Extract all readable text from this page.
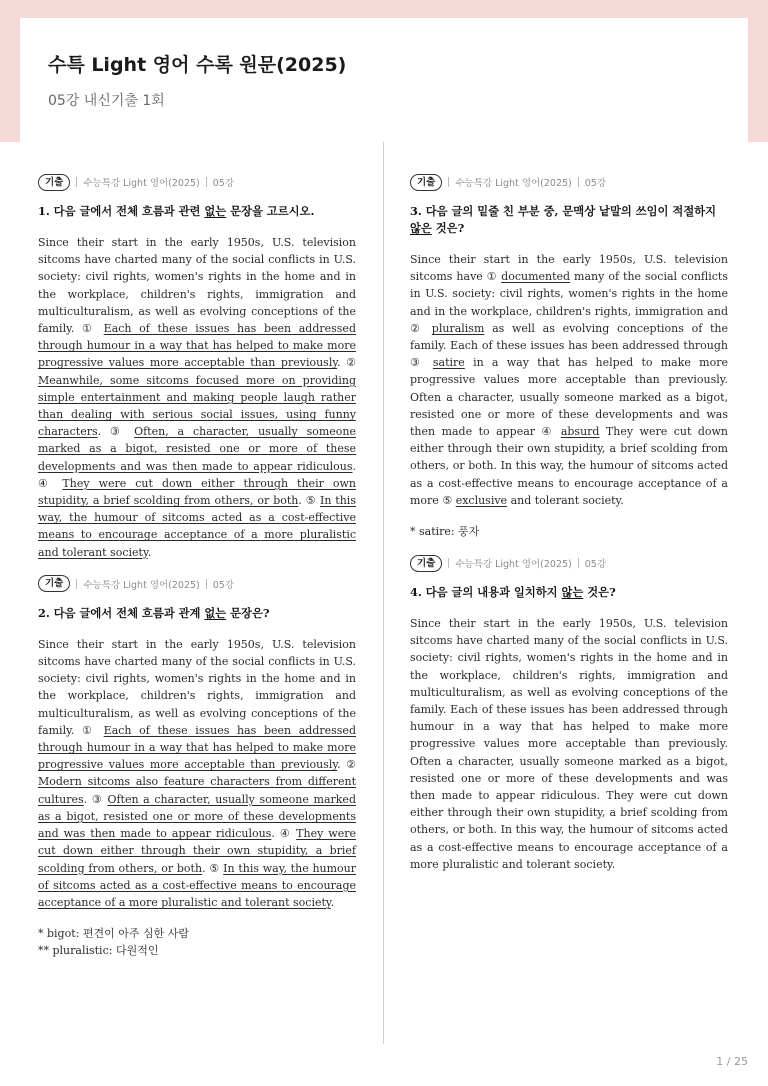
수특 Light 영어 수록 원문(2025)
05강 내신기출 1회
기출	수능특강 Light 영어(2025) 05강
1. 다음 글에서 전체 흐름과 관련 없는 문장을 고르시오.
Since their start in the early 1950s, U.S. television sitcoms have charted many of the social conflicts in U.S. society: civil rights, women's rights in the home and in the workplace, children's rights, immigration and multiculturalism, as well as evolving conceptions of the family. ① Each of these issues has been addressed through humour in a way that has helped to make more progressive values more acceptable than previously. ② Meanwhile, some sitcoms focused more on providing simple entertainment and making people laugh rather than dealing with serious social issues, using funny characters. ③ Often, a character, usually someone marked as a bigot, resisted one or more of these developments and was then made to appear ridiculous. ④ They were cut down either through their own stupidity, a brief scolding from others, or both. ⑤ In this way, the humour of sitcoms acted as a cost-effective means to encourage acceptance of a more pluralistic and tolerant society.
기출	수능특강 Light 영어(2025) 05강
2. 다음 글에서 전체 흐름과 관계 없는 문장은?
Since their start in the early 1950s, U.S. television sitcoms have charted many of the social conflicts in U.S. society: civil rights, women's rights in the home and in the workplace, children's rights, immigration and multiculturalism, as well as evolving conceptions of the family. ① Each of these issues has been addressed through humour in a way that has helped to make more progressive values more acceptable than previously. ② Modern sitcoms also feature characters from different cultures. ③ Often a character, usually someone marked as a bigot, resisted one or more of these developments and was then made to appear ridiculous. ④ They were cut down either through their own stupidity, a brief scolding from others, or both. ⑤ In this way, the humour of sitcoms acted as a cost-effective means to encourage acceptance of a more pluralistic and tolerant society.
* bigot: 편견이 아주 심한 사람
** pluralistic: 다원적인
기출	수능특강 Light 영어(2025) 05강
3. 다음 글의 밑줄 친 부분 중, 문맥상 낱말의 쓰임이 적절하지 않은 것은?
Since their start in the early 1950s, U.S. television sitcoms have ① documented many of the social conflicts in U.S. society: civil rights, women's rights in the home and in the workplace, children's rights, immigration and ② pluralism as well as evolving conceptions of the family. Each of these issues has been addressed through ③ satire in a way that has helped to make more progressive values more acceptable than previously. Often a character, usually someone marked as a bigot, resisted one or more of these developments and was then made to appear ④ absurd They were cut down either through their own stupidity, a brief scolding from others, or both. In this way, the humour of sitcoms acted as a cost-effective means to encourage acceptance of a more ⑤ exclusive and tolerant society.
* satire: 풍자
기출	수능특강 Light 영어(2025) 05강
4. 다음 글의 내용과 일치하지 않는 것은?
Since their start in the early 1950s, U.S. television sitcoms have charted many of the social conflicts in U.S. society: civil rights, women's rights in the home and in the workplace, children's rights, immigration and multiculturalism, as well as evolving conceptions of the family. Each of these issues has been addressed through humour in a way that has helped to make more progressive values more acceptable than previously. Often a character, usually someone marked as a bigot, resisted one or more of these developments and was then made to appear ridiculous. They were cut down either through their own stupidity, a brief scolding from others, or both. In this way, the humour of sitcoms acted as a cost-effective means to encourage acceptance of a more pluralistic and tolerant society.
1 / 25
